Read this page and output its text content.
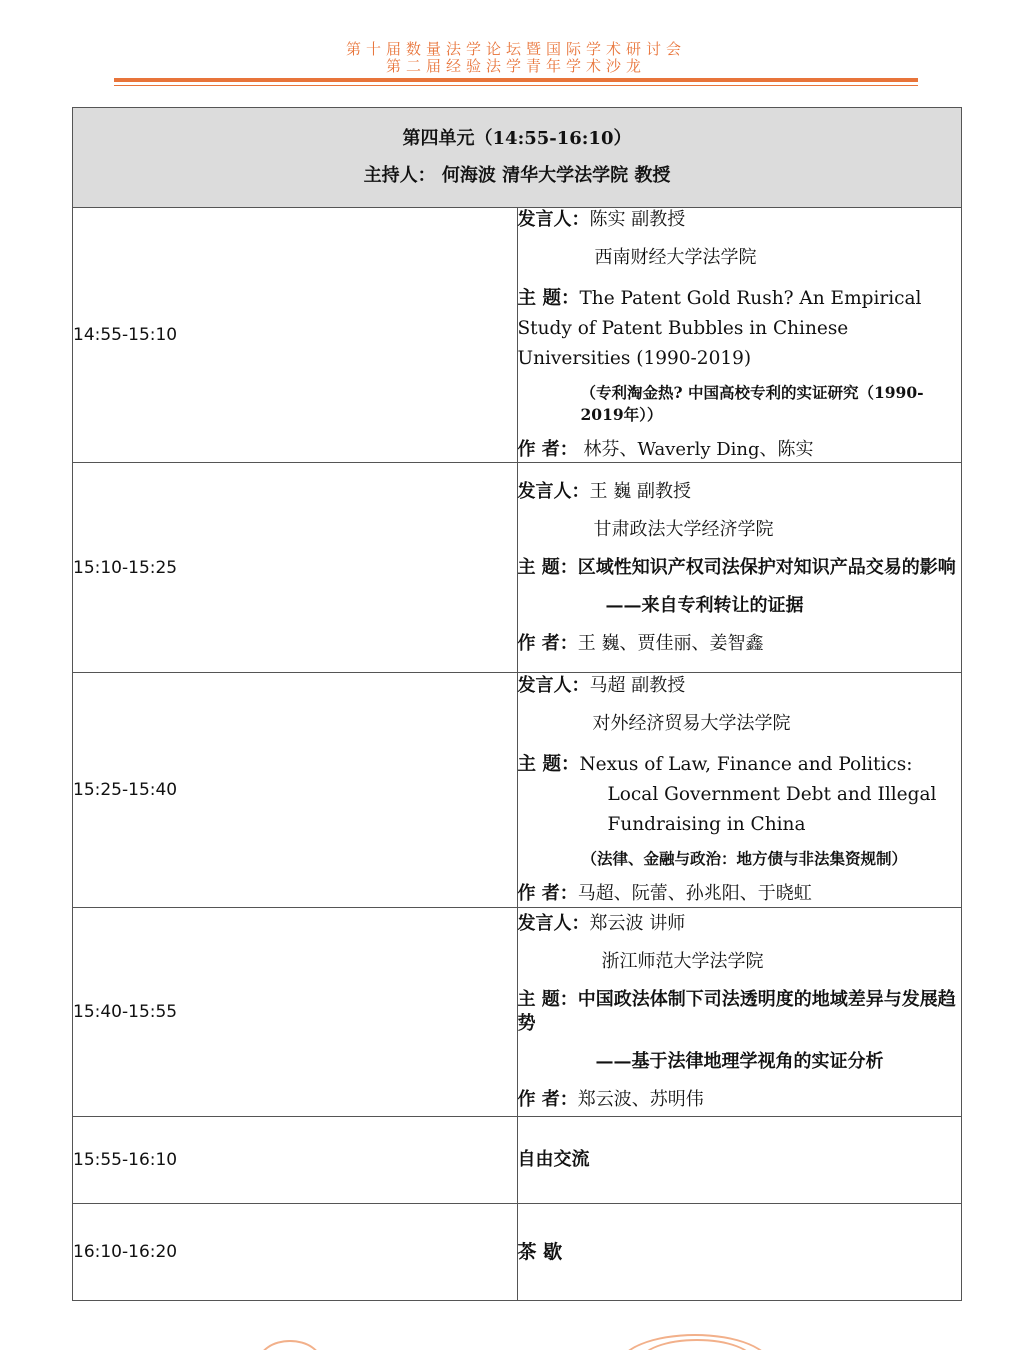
第十届数量法学论坛暨国际学术研讨会
第二届经验法学青年学术沙龙
第四单元（14:55-16:10）
主持人： 何海波 清华大学法学院 教授	

14:55-15:10	发言人：陈实 副教授
西南财经大学法学院
主 题：The Patent Gold Rush? An Empirical Study of Patent Bubbles in Chinese Universities (1990-2019)
（专利淘金热? 中国高校专利的实证研究（1990-2019年））
作 者： 林芬、Waverly Ding、陈实

15:10-15:25	发言人：王 巍 副教授
甘肃政法大学经济学院
主 题：区域性知识产权司法保护对知识产品交易的影响
——来自专利转让的证据
作 者：王 巍、贾佳丽、姜智鑫

15:25-15:40	发言人：马超 副教授
对外经济贸易大学法学院
主 题：Nexus of Law, Finance and Politics: Local Government Debt and Illegal Fundraising in China
（法律、金融与政治：地方债与非法集资规制）
作 者：马超、阮蕾、孙兆阳、于晓虹

15:40-15:55	发言人：郑云波 讲师
浙江师范大学法学院
主 题：中国政法体制下司法透明度的地域差异与发展趋势
——基于法律地理学视角的实证分析
作 者：郑云波、苏明伟

15:55-16:10	自由交流

16:10-16:20	茶 歇
